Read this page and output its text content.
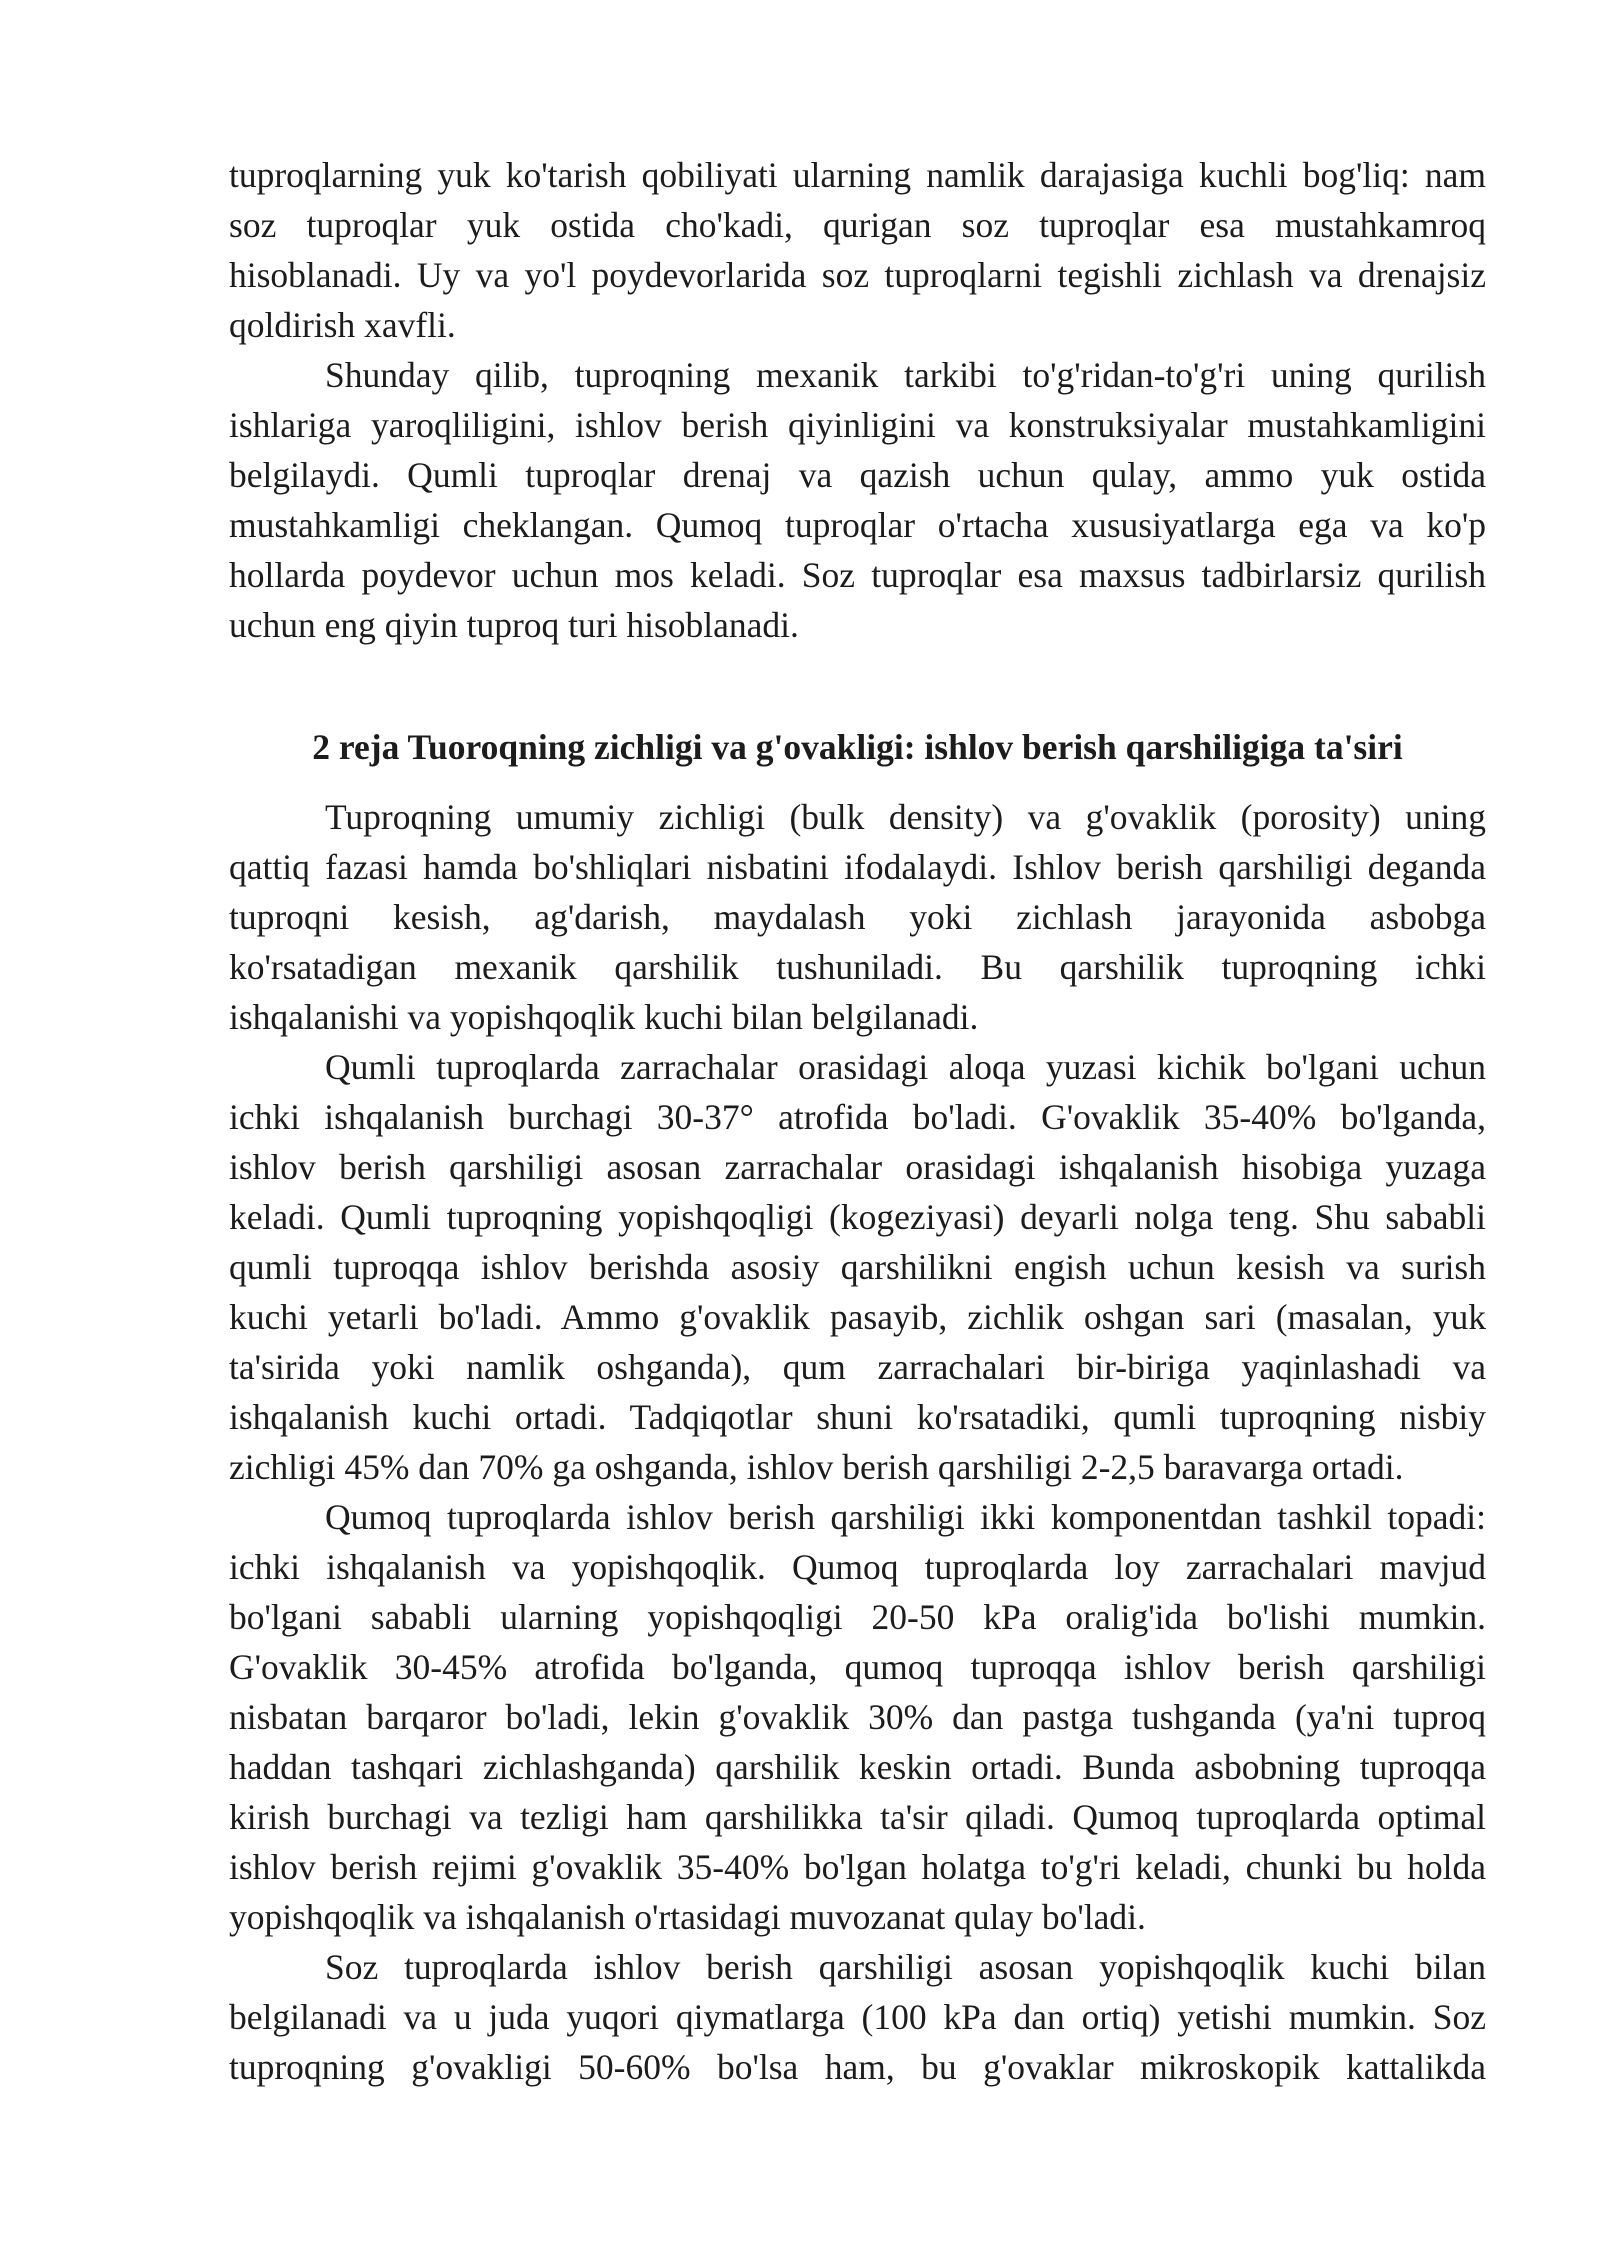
tuproqlarning yuk ko'tarish qobiliyati ularning namlik darajasiga kuchli bog'liq: nam
soz tuproqlar yuk ostida cho'kadi, qurigan soz tuproqlar esa mustahkamroq
hisoblanadi. Uy va yo'l poydevorlarida soz tuproqlarni tegishli zichlash va drenajsiz
qoldirish xavfli.
Shunday qilib, tuproqning mexanik tarkibi to'g'ridan-to'g'ri uning qurilish
ishlariga yaroqliligini, ishlov berish qiyinligini va konstruksiyalar mustahkamligini
belgilaydi. Qumli tuproqlar drenaj va qazish uchun qulay, ammo yuk ostida
mustahkamligi cheklangan. Qumoq tuproqlar o'rtacha xususiyatlarga ega va ko'p
hollarda poydevor uchun mos keladi. Soz tuproqlar esa maxsus tadbirlarsiz qurilish
uchun eng qiyin tuproq turi hisoblanadi.
2 reja Tuoroqning zichligi va g'ovakligi: ishlov berish qarshiligiga ta'siri
Tuproqning umumiy zichligi (bulk density) va g'ovaklik (porosity) uning
qattiq fazasi hamda bo'shliqlari nisbatini ifodalaydi. Ishlov berish qarshiligi deganda
tuproqni kesish, ag'darish, maydalash yoki zichlash jarayonida asbobga
ko'rsatadigan mexanik qarshilik tushuniladi. Bu qarshilik tuproqning ichki
ishqalanishi va yopishqoqlik kuchi bilan belgilanadi.
Qumli tuproqlarda zarrachalar orasidagi aloqa yuzasi kichik bo'lgani uchun
ichki ishqalanish burchagi 30-37° atrofida bo'ladi. G'ovaklik 35-40% bo'lganda,
ishlov berish qarshiligi asosan zarrachalar orasidagi ishqalanish hisobiga yuzaga
keladi. Qumli tuproqning yopishqoqligi (kogeziyasi) deyarli nolga teng. Shu sababli
qumli tuproqqa ishlov berishda asosiy qarshilikni engish uchun kesish va surish
kuchi yetarli bo'ladi. Ammo g'ovaklik pasayib, zichlik oshgan sari (masalan, yuk
ta'sirida yoki namlik oshganda), qum zarrachalari bir-biriga yaqinlashadi va
ishqalanish kuchi ortadi. Tadqiqotlar shuni ko'rsatadiki, qumli tuproqning nisbiy
zichligi 45% dan 70% ga oshganda, ishlov berish qarshiligi 2-2,5 baravarga ortadi.
Qumoq tuproqlarda ishlov berish qarshiligi ikki komponentdan tashkil topadi:
ichki ishqalanish va yopishqoqlik. Qumoq tuproqlarda loy zarrachalari mavjud
bo'lgani sababli ularning yopishqoqligi 20-50 kPa oralig'ida bo'lishi mumkin.
G'ovaklik 30-45% atrofida bo'lganda, qumoq tuproqqa ishlov berish qarshiligi
nisbatan barqaror bo'ladi, lekin g'ovaklik 30% dan pastga tushganda (ya'ni tuproq
haddan tashqari zichlashganda) qarshilik keskin ortadi. Bunda asbobning tuproqqa
kirish burchagi va tezligi ham qarshilikka ta'sir qiladi. Qumoq tuproqlarda optimal
ishlov berish rejimi g'ovaklik 35-40% bo'lgan holatga to'g'ri keladi, chunki bu holda
yopishqoqlik va ishqalanish o'rtasidagi muvozanat qulay bo'ladi.
Soz tuproqlarda ishlov berish qarshiligi asosan yopishqoqlik kuchi bilan
belgilanadi va u juda yuqori qiymatlarga (100 kPa dan ortiq) yetishi mumkin. Soz
tuproqning g'ovakligi 50-60% bo'lsa ham, bu g'ovaklar mikroskopik kattalikda
